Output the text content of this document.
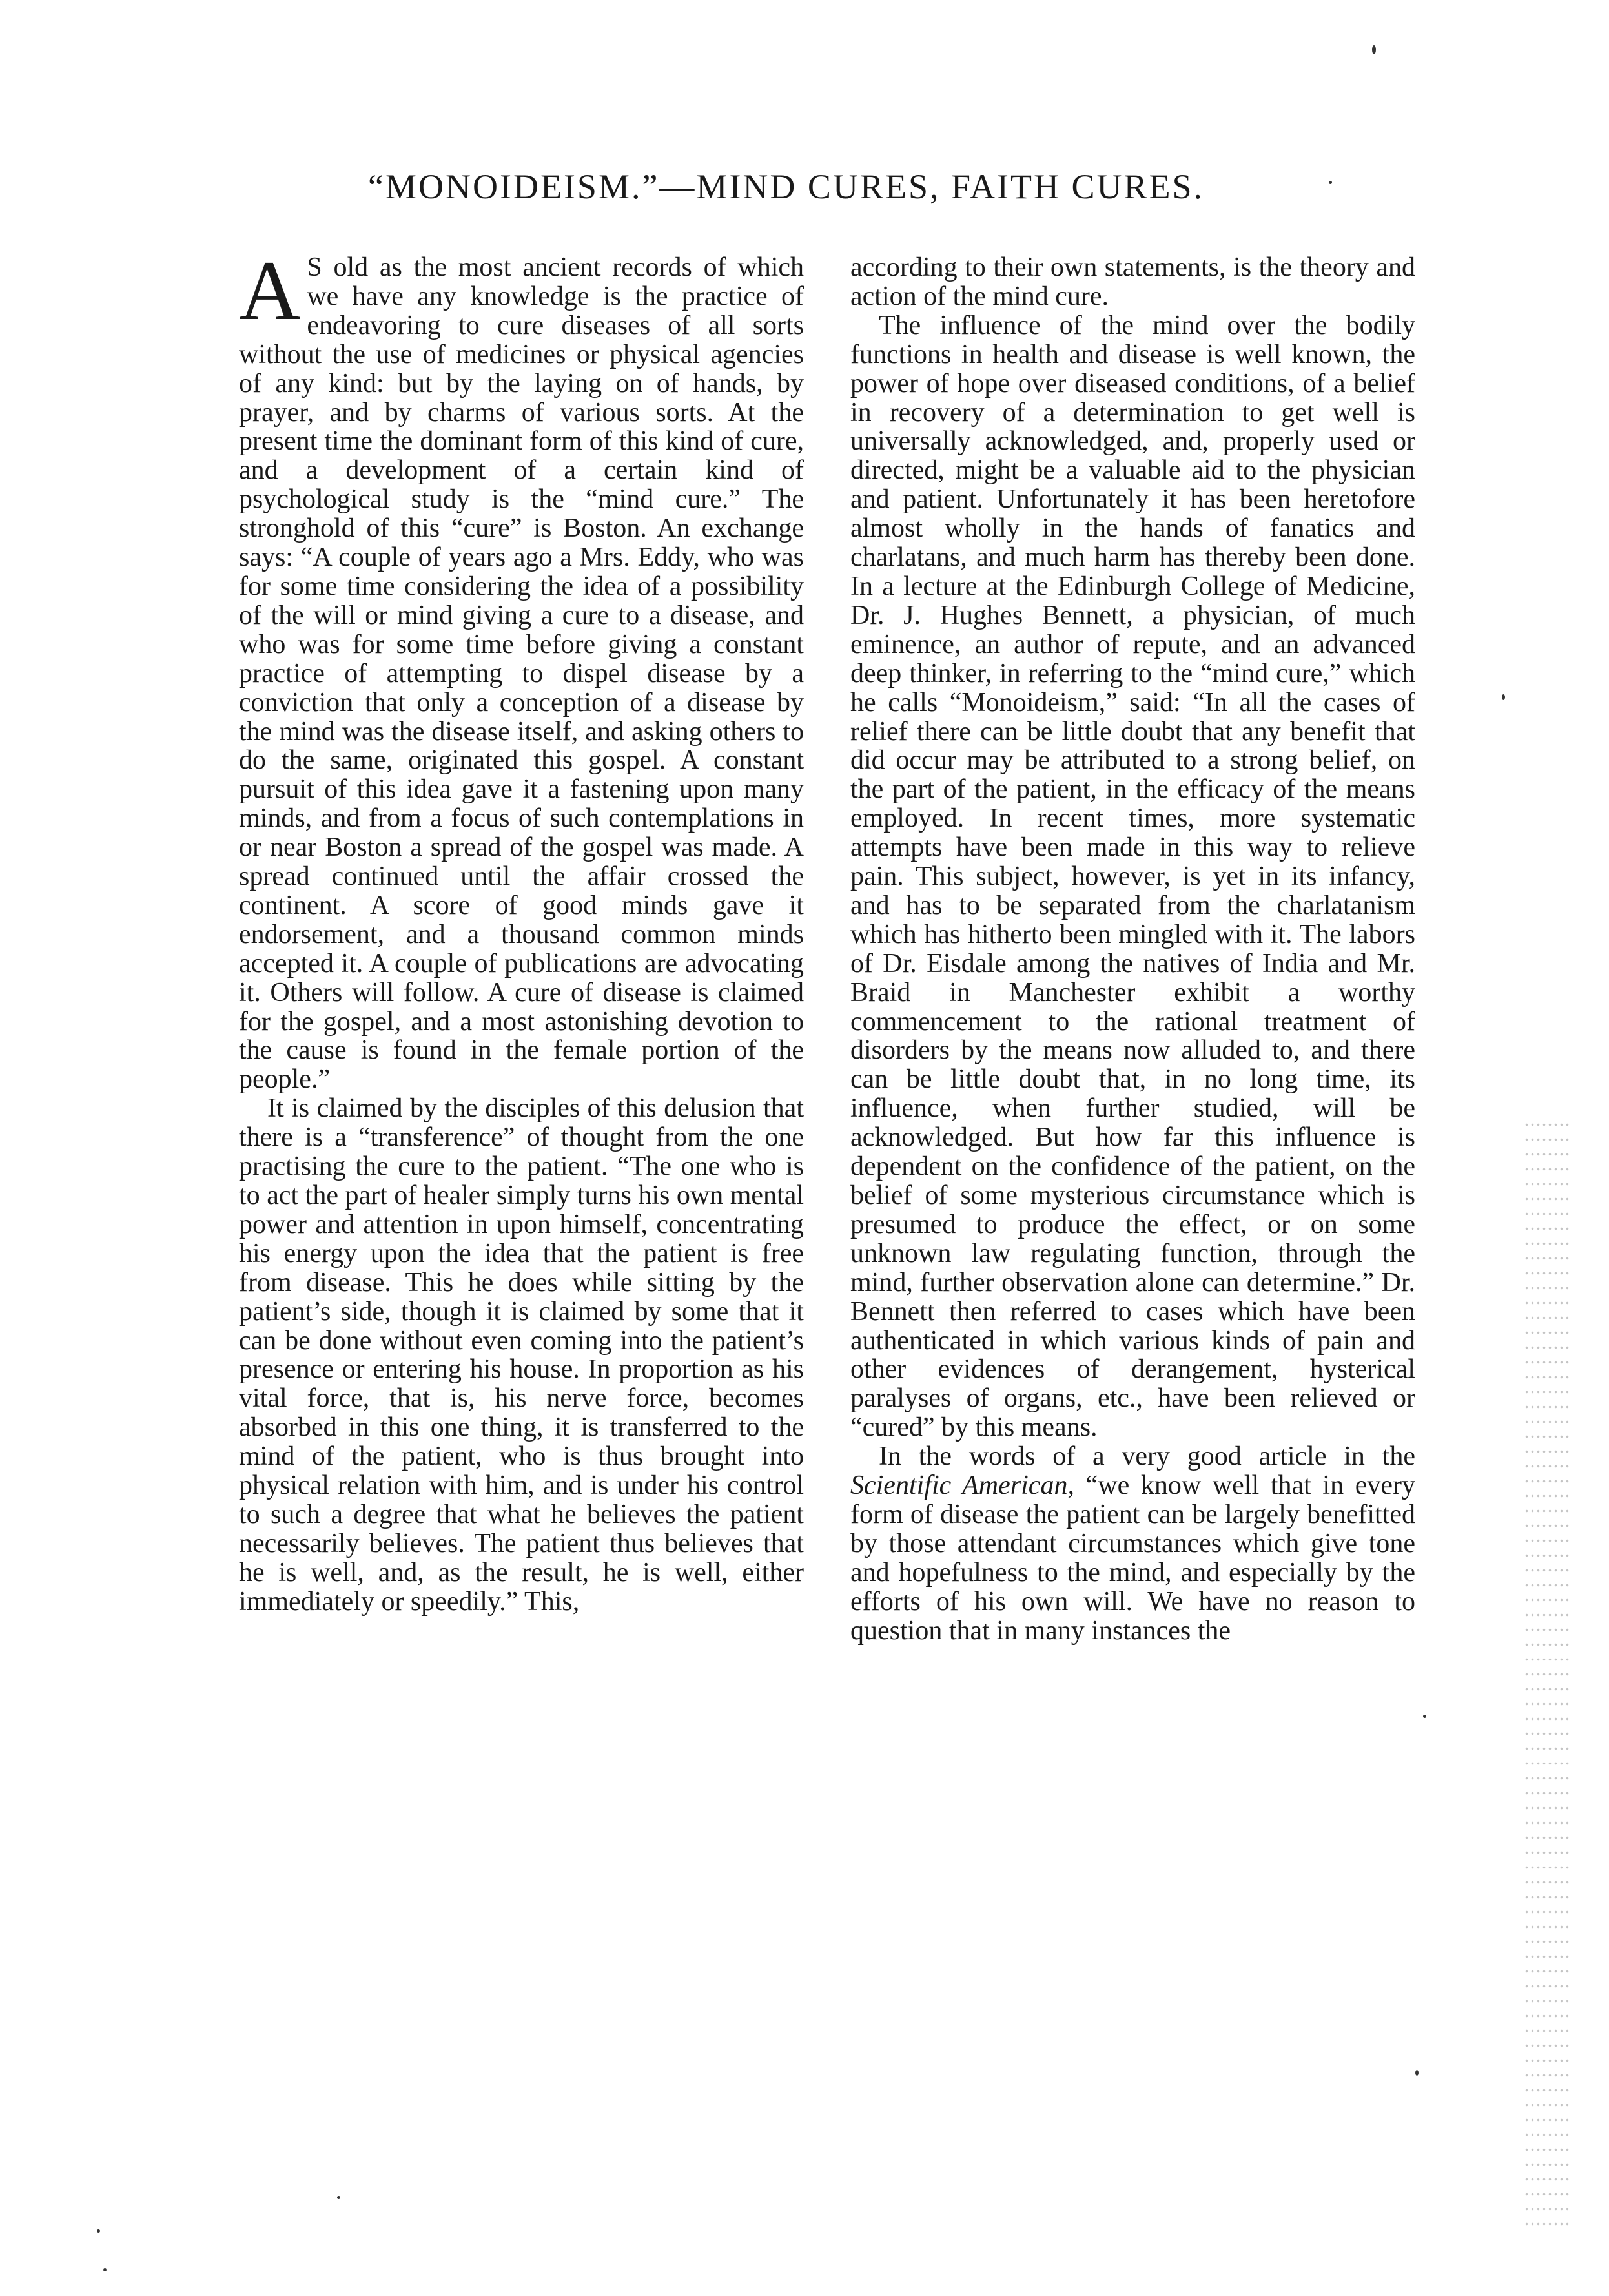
“MONOIDEISM.”—MIND CURES, FAITH CURES.

A S old as the most ancient records of which we have any knowledge is the practice of endeavoring to cure diseases of all sorts without the use of medicines or physical agencies of any kind: but by the laying on of hands, by prayer, and by charms of various sorts. At the present time the dominant form of this kind of cure, and a development of a certain kind of psychological study is the “mind cure.” The stronghold of this “cure” is Boston. An exchange says: “A couple of years ago a Mrs. Eddy, who was for some time considering the idea of a possibility of the will or mind giving a cure to a disease, and who was for some time before giving a constant practice of attempting to dispel disease by a conviction that only a conception of a disease by the mind was the disease itself, and asking others to do the same, originated this gospel. A constant pursuit of this idea gave it a fastening upon many minds, and from a focus of such contemplations in or near Boston a spread of the gospel was made. A spread continued until the affair crossed the continent. A score of good minds gave it endorsement, and a thousand common minds accepted it. A couple of publications are advocating it. Others will follow. A cure of disease is claimed for the gospel, and a most astonishing devotion to the cause is found in the female portion of the people.”

It is claimed by the disciples of this delusion that there is a “transference” of thought from the one practising the cure to the patient. “The one who is to act the part of healer simply turns his own mental power and attention in upon himself, concentrating his energy upon the idea that the patient is free from disease. This he does while sitting by the patient’s side, though it is claimed by some that it can be done without even coming into the patient’s presence or entering his house. In proportion as his vital force, that is, his nerve force, becomes absorbed in this one thing, it is transferred to the mind of the patient, who is thus brought into physical relation with him, and is under his control to such a degree that what he believes the patient necessarily believes. The patient thus believes that he is well, and, as the result, he is well, either immediately or speedily.” This,

according to their own statements, is the theory and action of the mind cure.

The influence of the mind over the bodily functions in health and disease is well known, the power of hope over diseased conditions, of a belief in recovery of a determination to get well is universally acknowledged, and, properly used or directed, might be a valuable aid to the physician and patient. Unfortunately it has been heretofore almost wholly in the hands of fanatics and charlatans, and much harm has thereby been done. In a lecture at the Edinburgh College of Medicine, Dr. J. Hughes Bennett, a physician, of much eminence, an author of repute, and an advanced deep thinker, in referring to the “mind cure,” which he calls “Monoideism,” said: “In all the cases of relief there can be little doubt that any benefit that did occur may be attributed to a strong belief, on the part of the patient, in the efficacy of the means employed. In recent times, more systematic attempts have been made in this way to relieve pain. This subject, however, is yet in its infancy, and has to be separated from the charlatanism which has hitherto been mingled with it. The labors of Dr. Eisdale among the natives of India and Mr. Braid in Manchester exhibit a worthy commencement to the rational treatment of disorders by the means now alluded to, and there can be little doubt that, in no long time, its influence, when further studied, will be acknowledged. But how far this influence is dependent on the confidence of the patient, on the belief of some mysterious circumstance which is presumed to produce the effect, or on some unknown law regulating function, through the mind, further observation alone can determine.” Dr. Bennett then referred to cases which have been authenticated in which various kinds of pain and other evidences of derangement, hysterical paralyses of organs, etc., have been relieved or “cured” by this means.

In the words of a very good article in the Scientific American, “we know well that in every form of disease the patient can be largely benefitted by those attendant circumstances which give tone and hopefulness to the mind, and especially by the efforts of his own will. We have no reason to question that in many instances the
